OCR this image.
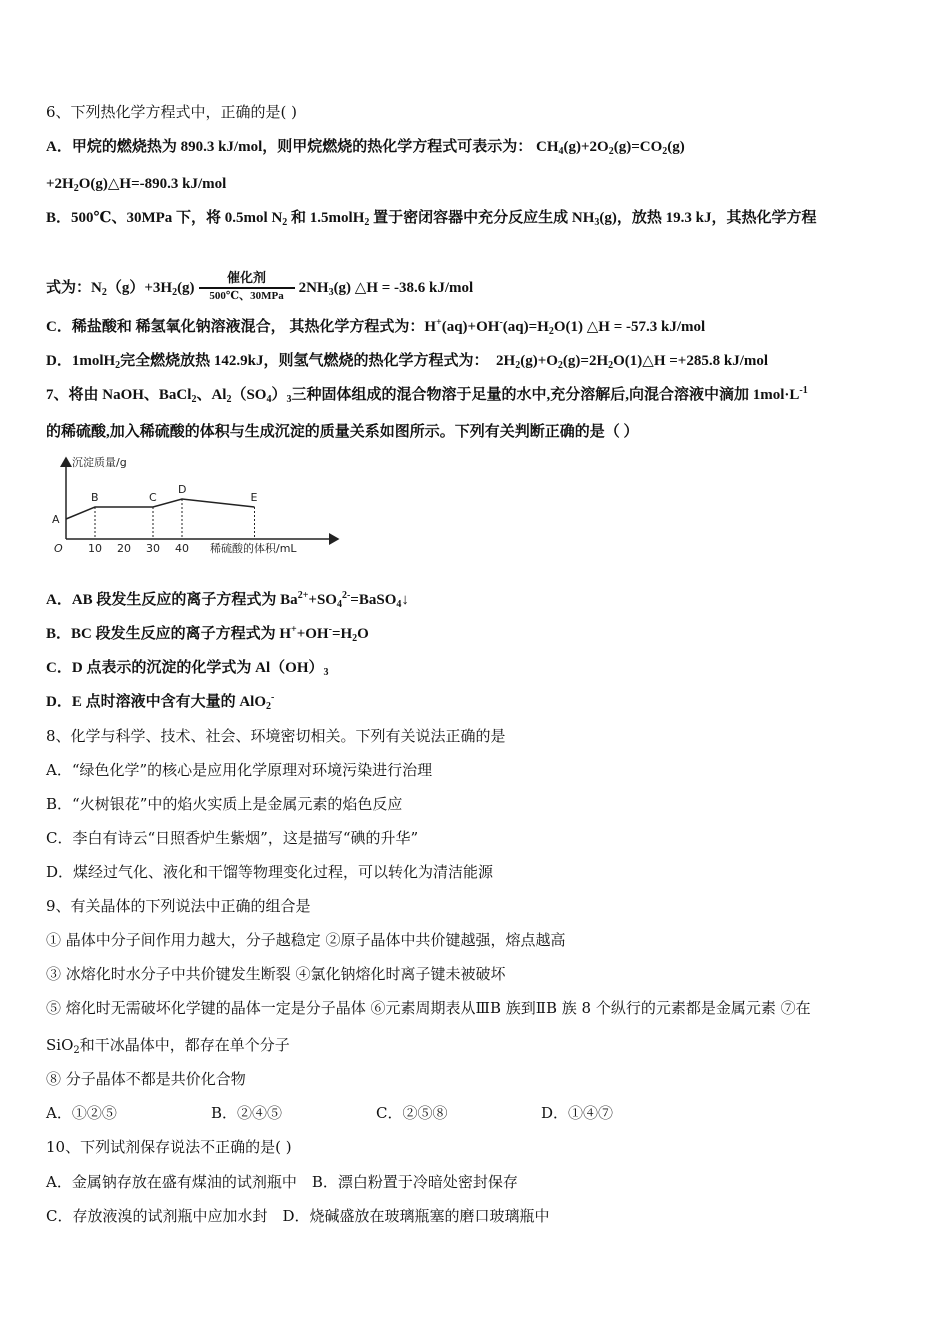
6、下列热化学方程式中，正确的是( )
A．甲烷的燃烧热为 890.3 kJ/mol，则甲烷燃烧的热化学方程式可表示为： $CH_4(g)+2O_2(g)=CO_2(g)$
$+2H_2O(g)\triangle H=-890.3$ kJ/mol
B．500℃、30MPa 下，将 0.5mol $N_2$ 和 1.5molH$_2$ 置于密闭容器中充分反应生成 $NH_3(g)$，放热 19.3 kJ，其热化学方程
式为：$N_2(g)+3H_2(g)$
催化剂
500℃、30MPa $2NH_3(g)$ △H = -38.6 kJ/mol
C．稀盐酸和 稀氢氧化钠溶液混合， 其热化学方程式为：$H^+(aq)+OH^-(aq)=H_2O(1)$ △H = -57.3 kJ/mol
D．1molH$_2$完全燃烧放热 142.9kJ，则氢气燃烧的热化学方程式为： $2H_2(g)+O_2(g)=2H_2O(1)\triangle H =+285.8$ kJ/mol
7、将由 NaOH、BaCl$_2$、$Al_2(SO_4)_3$三种固体组成的混合物溶于足量的水中,充分溶解后,向混合溶液中滴加 $1mol\cdot L^{-1}$
的稀硫酸,加入稀硫酸的体积与生成沉淀的质量关系如图所示。下列有关判断正确的是（ ）
沉淀质量/g
稀硫酸的体积/mL
O 10 20 30 40
A
B	C
D
E
A．AB 段发生反应的离子方程式为 $Ba^{2+}+SO_4^{2-}=BaSO_4↓$
B．BC 段发生反应的离子方程式为 $H^++OH^-=H_2O$
C．D 点表示的沉淀的化学式为 $Al(OH)_3$
D．E 点时溶液中含有大量的 AlO$_2$-
8、化学与科学、技术、社会、环境密切相关。下列有关说法正确的是
A．“绿色化学”的核心是应用化学原理对环境污染进行治理
B．“火树银花”中的焰火实质上是金属元素的焰色反应
C．李白有诗云“日照香炉生紫烟”，这是描写“碘的升华”
D．煤经过气化、液化和干馏等物理变化过程，可以转化为清洁能源
9、有关晶体的下列说法中正确的组合是
① 晶体中分子间作用力越大，分子越稳定 ②原子晶体中共价键越强，熔点越高
③ 冰熔化时水分子中共价键发生断裂 ④氯化钠熔化时离子键未被破坏
⑤ 熔化时无需破坏化学键的晶体一定是分子晶体 ⑥元素周期表从ⅢB 族到ⅡB 族 8 个纵行的元素都是金属元素 ⑦在
SiO$_2$和干冰晶体中，都存在单个分子
⑧ 分子晶体不都是共价化合物
A．①②⑤	B．②④⑤	C．②⑤⑧	D．①④⑦
10、下列试剂保存说法不正确的是( )
A．金属钠存放在盛有煤油的试剂瓶中　B．漂白粉置于冷暗处密封保存
C．存放液溴的试剂瓶中应加水封　D．烧碱盛放在玻璃瓶塞的磨口玻璃瓶中
